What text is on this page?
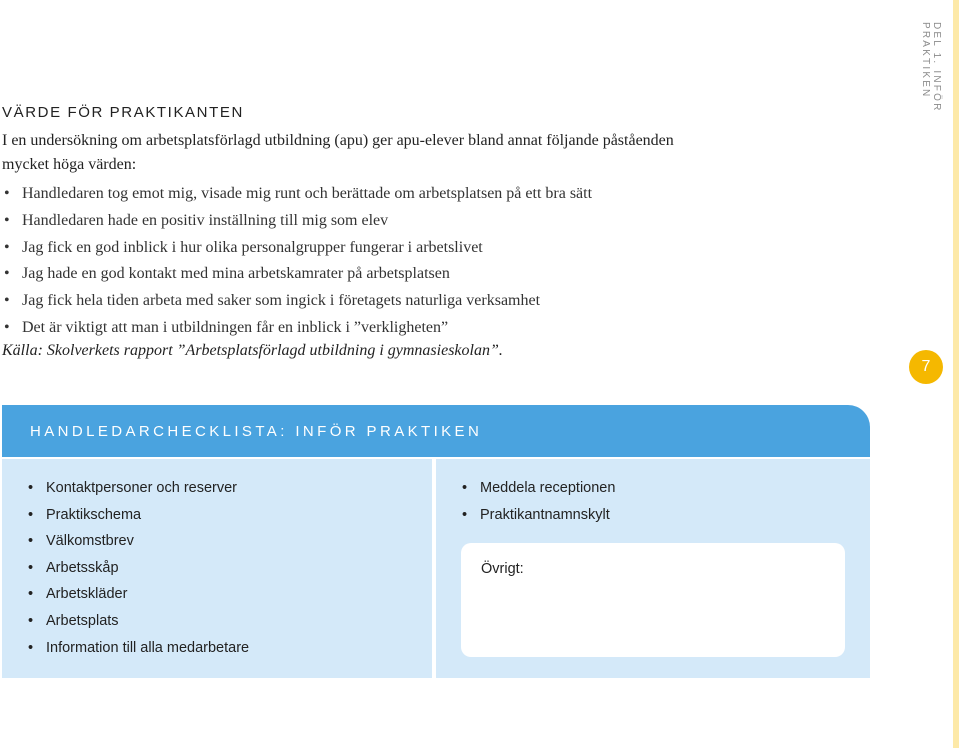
DEL 1. INFÖR PRAKTIKEN
7
VÄRDE FÖR PRAKTIKANTEN
I en undersökning om arbetsplatsförlagd utbildning (apu) ger apu-elever bland annat följande påståenden mycket höga värden:
• Handledaren tog emot mig, visade mig runt och berättade om arbetsplatsen på ett bra sätt
• Handledaren hade en positiv inställning till mig som elev
• Jag fick en god inblick i hur olika personalgrupper fungerar i arbetslivet
• Jag hade en god kontakt med mina arbetskamrater på arbetsplatsen
• Jag fick hela tiden arbeta med saker som ingick i företagets naturliga verksamhet
• Det är viktigt att man i utbildningen får en inblick i ”verkligheten”
Källa: Skolverkets rapport ”Arbetsplatsförlagd utbildning i gymnasieskolan”.
HANDLEDARCHECKLISTA: INFÖR PRAKTIKEN
• Kontaktpersoner och reserver
• Praktikschema
• Välkomstbrev
• Arbetsskåp
• Arbetskläder
• Arbetsplats
• Information till alla medarbetare
• Meddela receptionen
• Praktikantnamnskylt
Övrigt:
